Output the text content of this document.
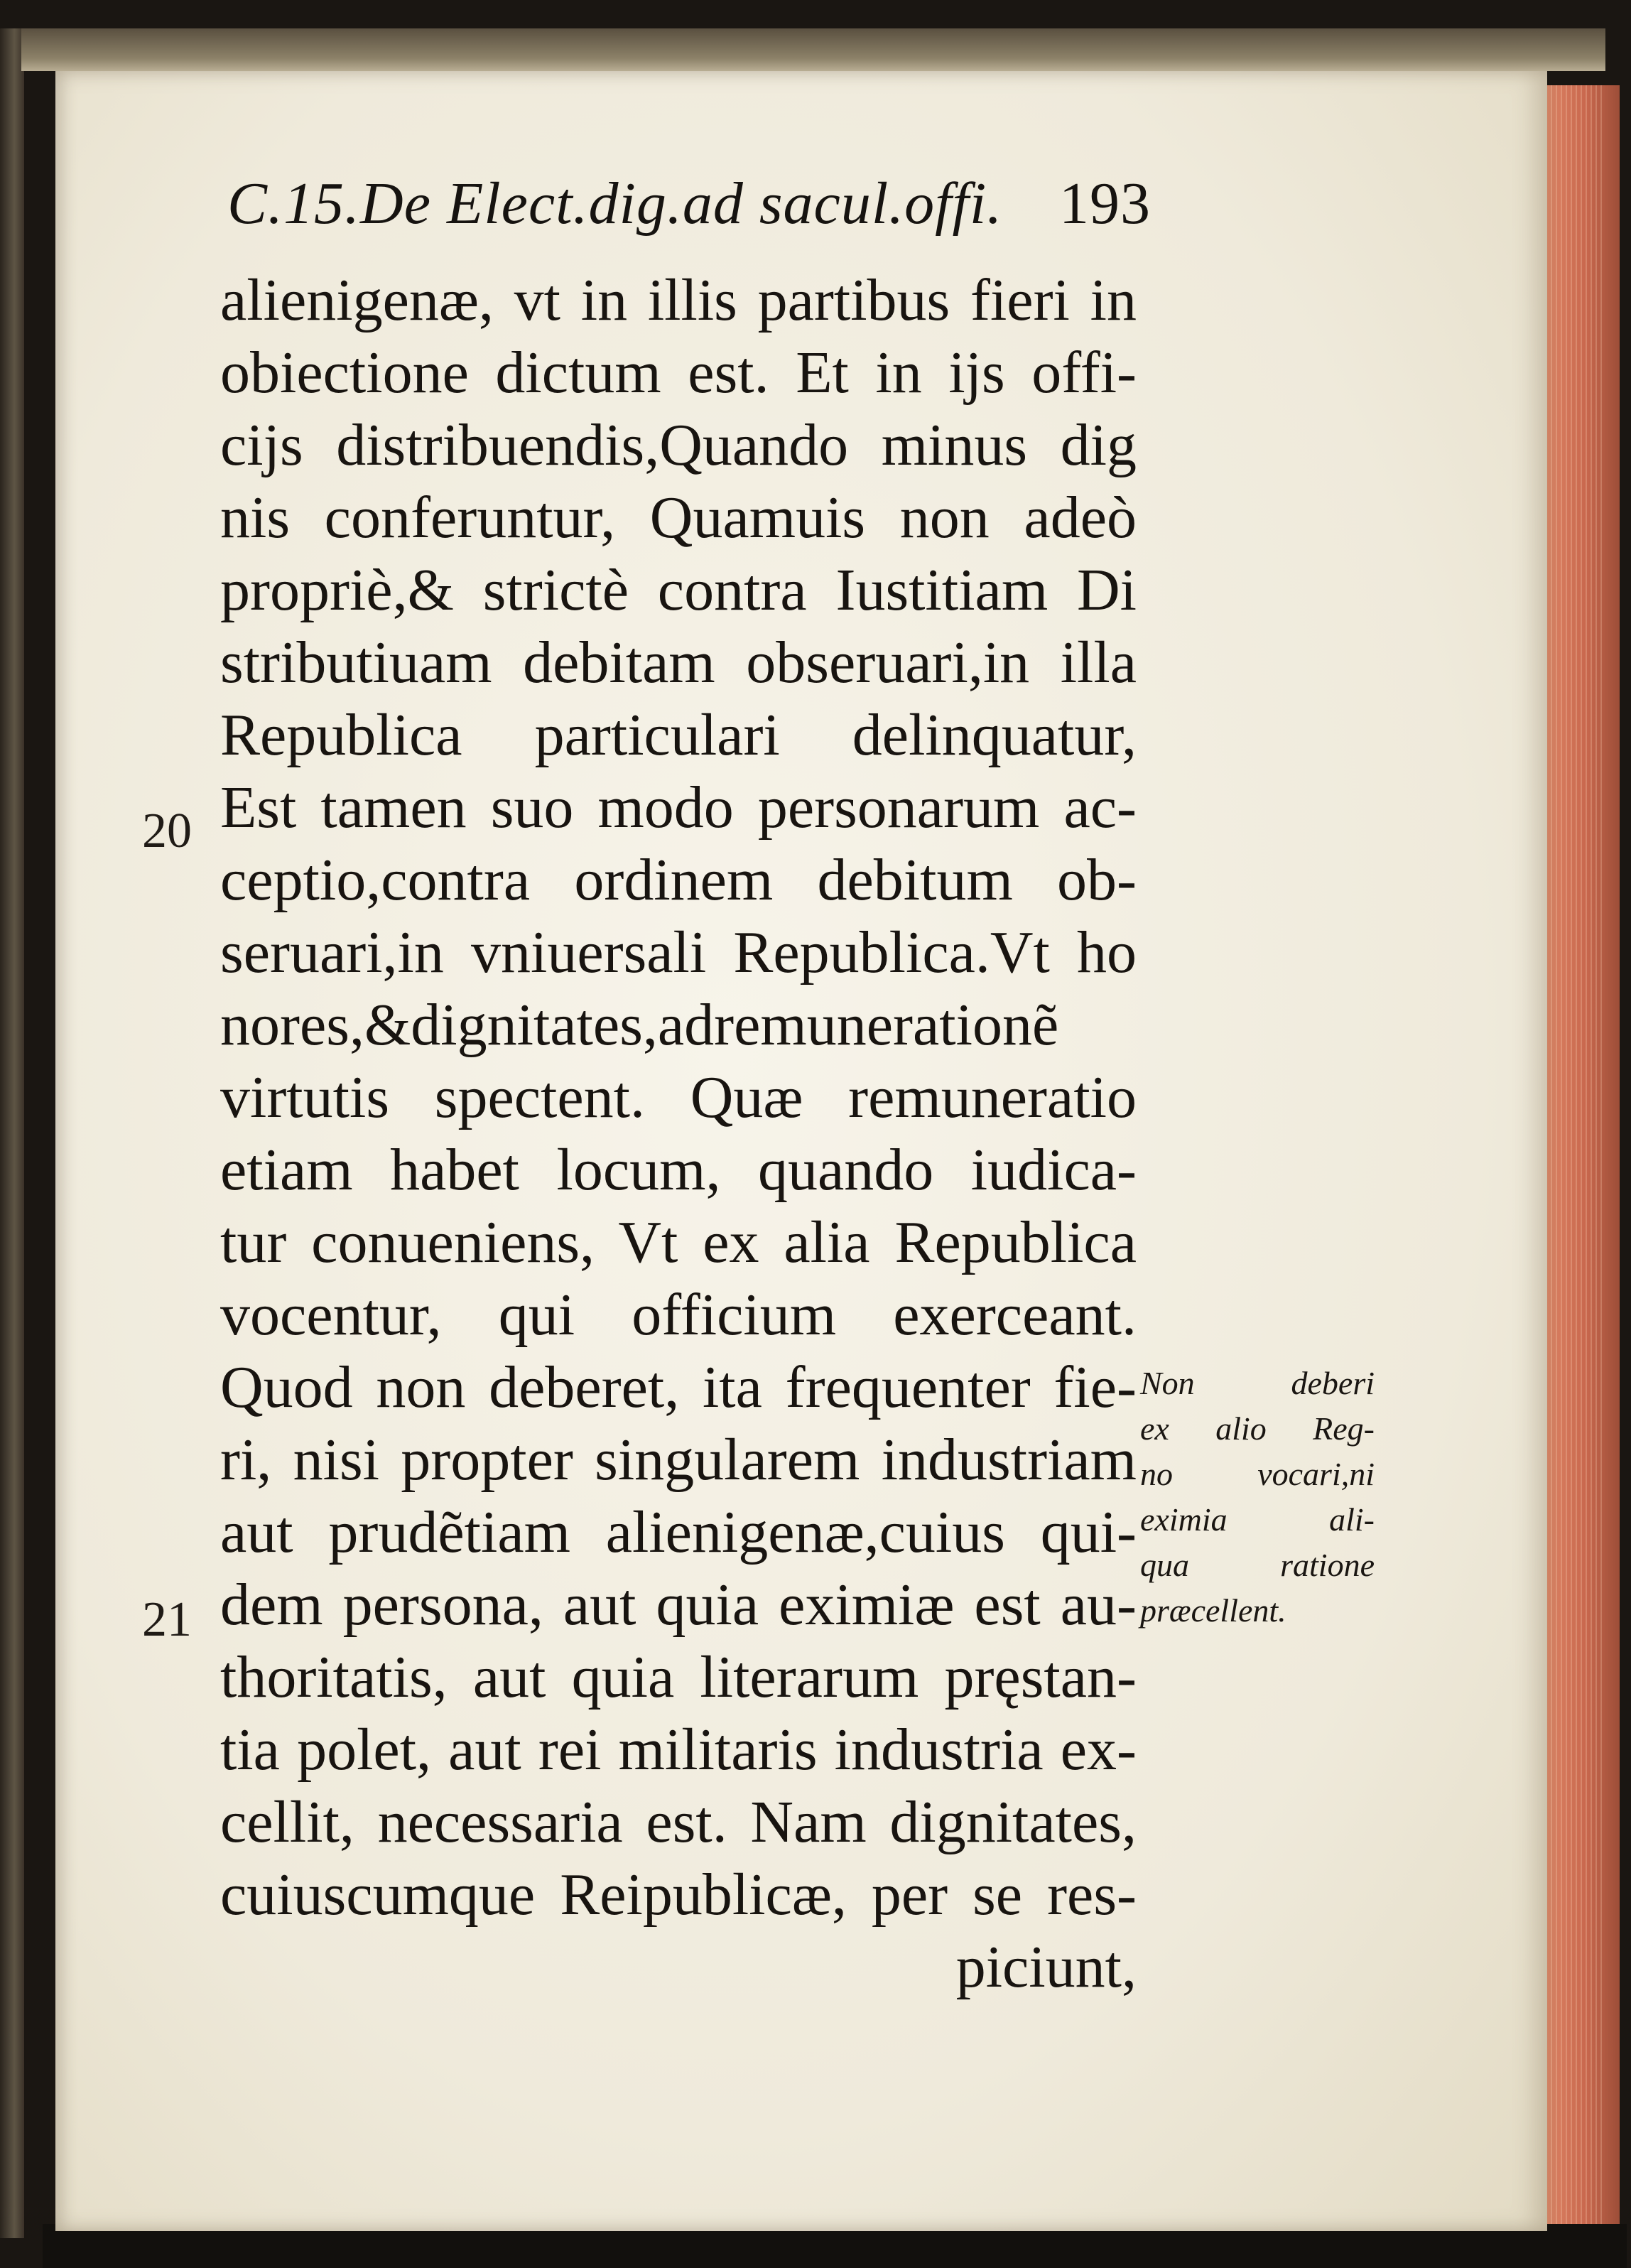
C.15.De Elect.dig.ad sacul.offi. 193
alienigenæ, vt in illis partibus fieri in
obiectione dictum est. Et in ijs offi-
cijs distribuendis,Quando minus dig
nis conferuntur, Quamuis non adeò
propriè,& strictè contra Iustitiam Di
stributiuam debitam obseruari,in illa
Republica particulari delinquatur,
Est tamen suo modo personarum ac-
ceptio,contra ordinem debitum ob-
seruari,in vniuersali Republica.Vt ho
nores,&dignitates,adremunerationẽ
virtutis spectent. Quæ remuneratio
etiam habet locum, quando iudica-
tur conueniens, Vt ex alia Republica
vocentur, qui officium exerceant.
Quod non deberet, ita frequenter fie-
ri, nisi propter singularem industriam
aut prudẽtiam alienigenæ,cuius qui-
dem persona, aut quia eximiæ est au-
thoritatis, aut quia literarum pręstan-
tia polet, aut rei militaris industria ex-
cellit, necessaria est. Nam dignitates,
cuiuscumque Reipublicæ, per se res-
piciunt,
20
21
Non deberi
ex alio Reg-
no vocari,ni
eximia ali-
qua ratione
præcellent.
